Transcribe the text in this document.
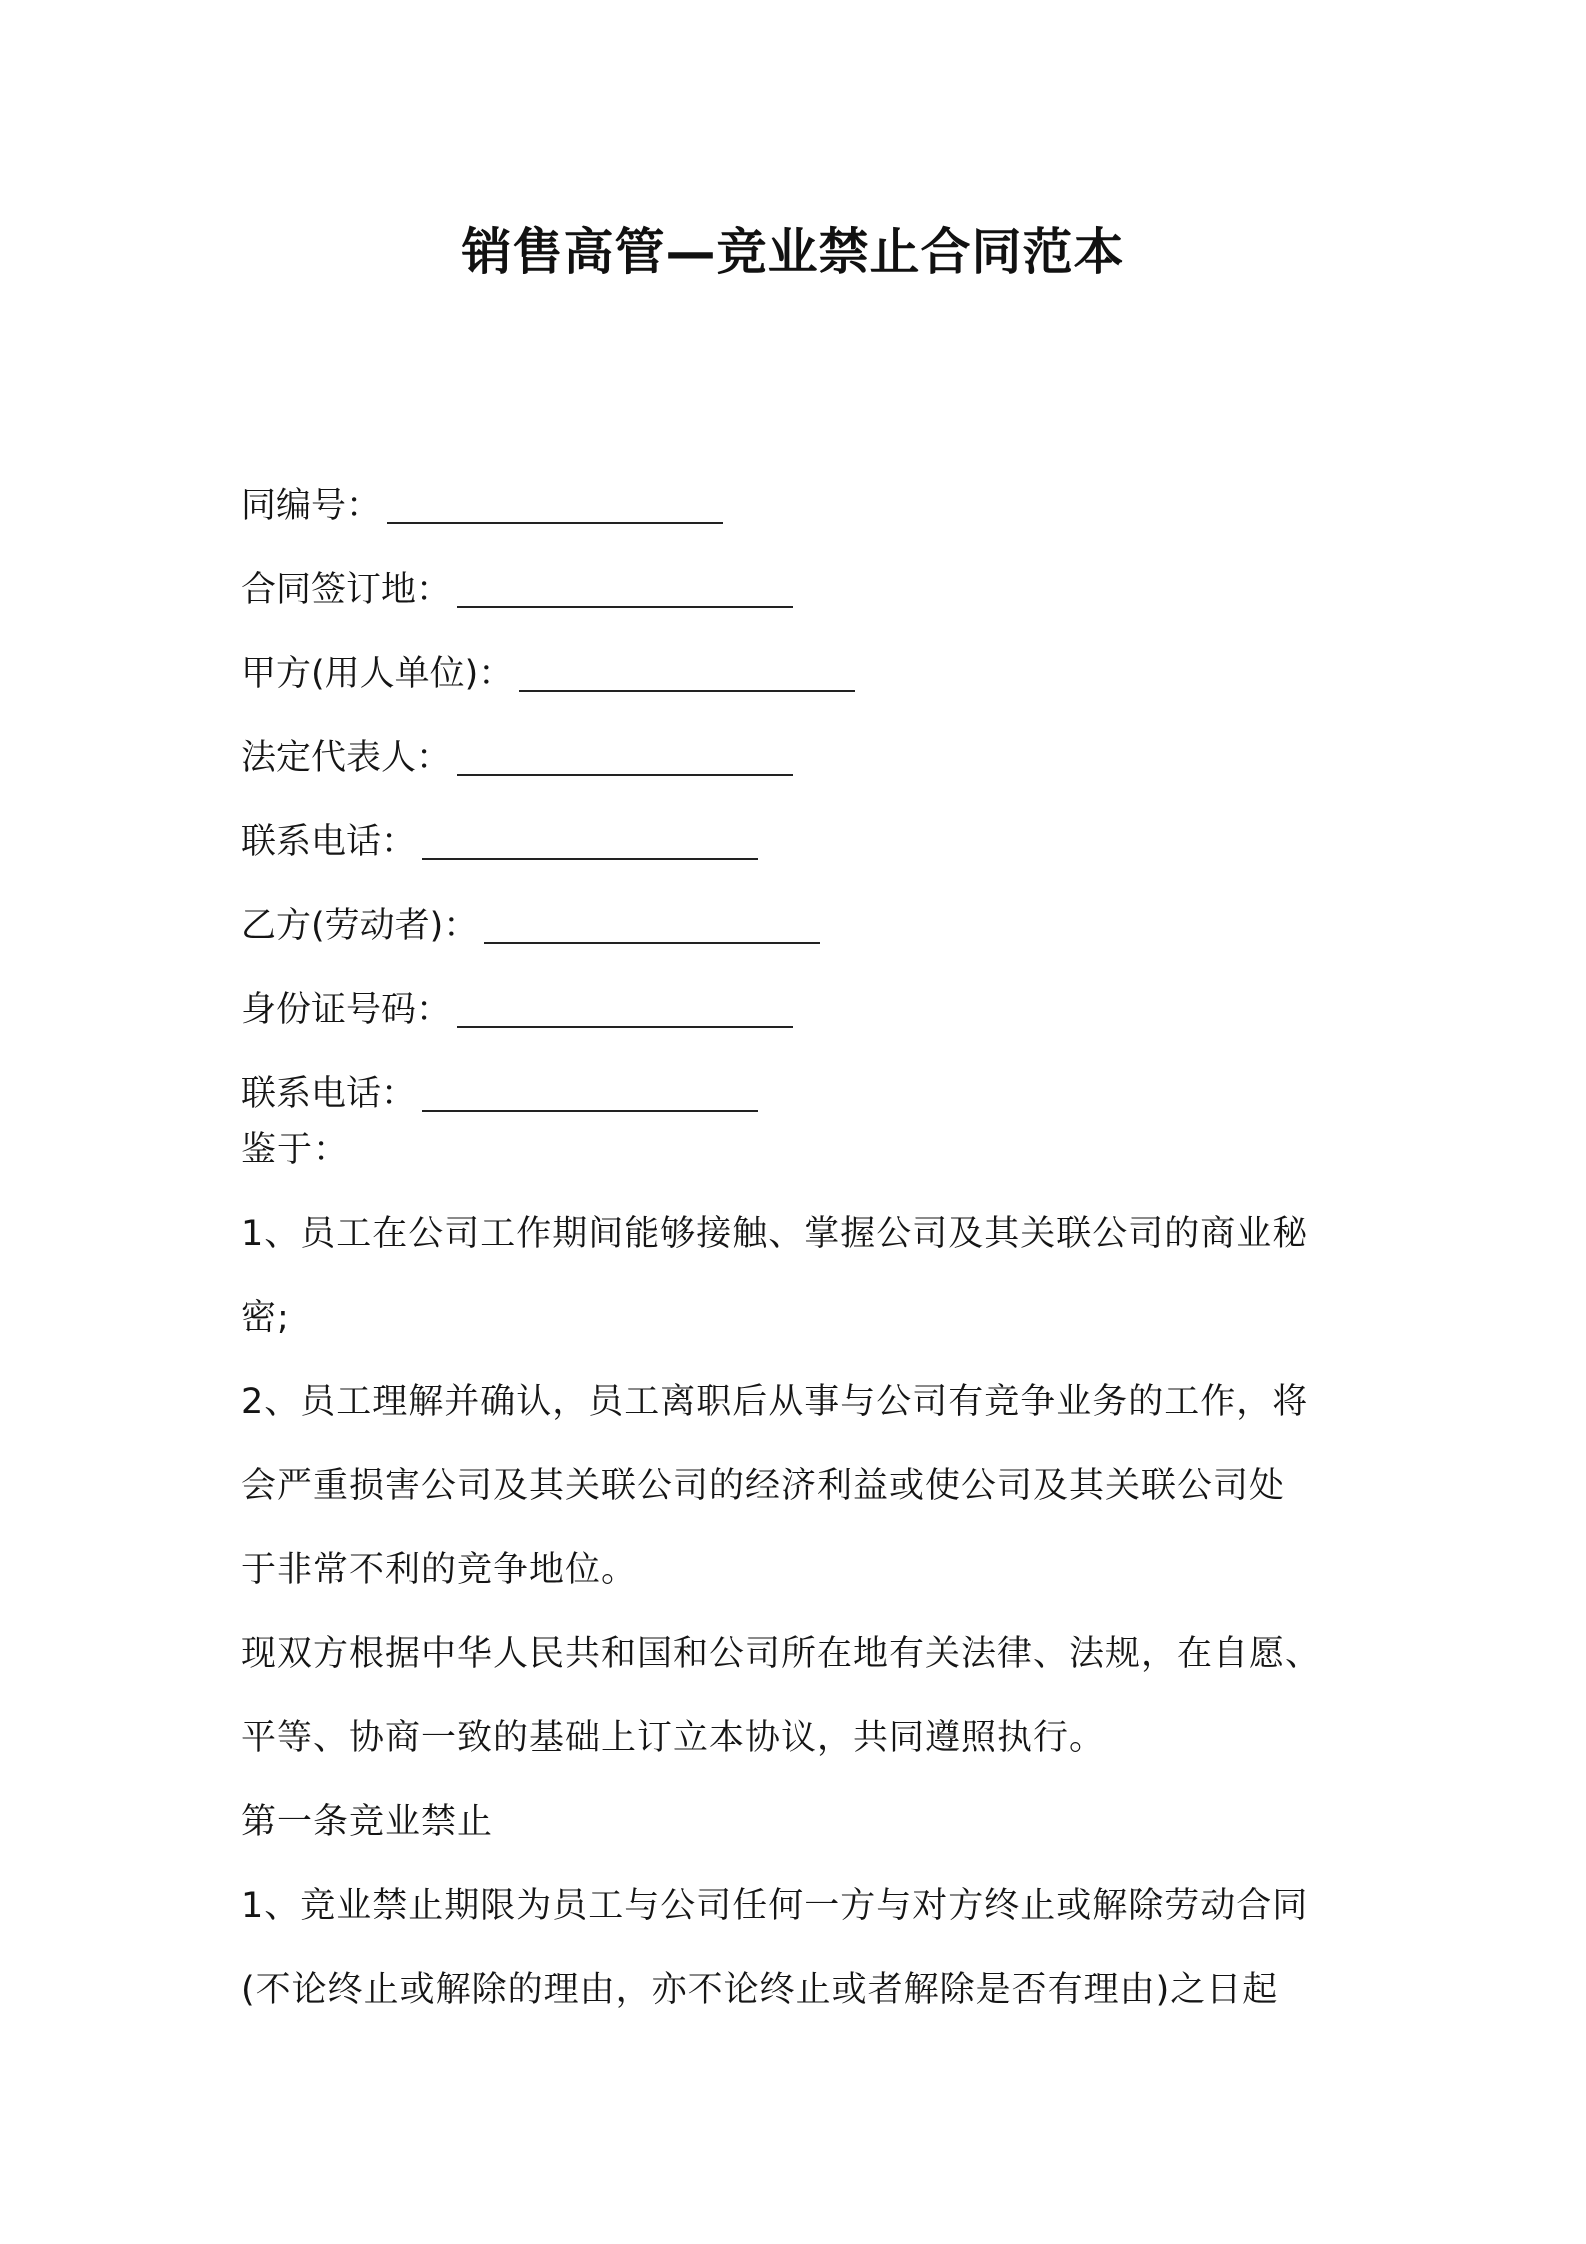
销售高管—竞业禁止合同范本
同编号：
合同签订地：
甲方(用人单位)：
法定代表人：
联系电话：
乙方(劳动者)：
身份证号码：
联系电话：
鉴于：
1、员工在公司工作期间能够接触、掌握公司及其关联公司的商业秘
密;
2、员工理解并确认，员工离职后从事与公司有竞争业务的工作，将
会严重损害公司及其关联公司的经济利益或使公司及其关联公司处
于非常不利的竞争地位。
现双方根据中华人民共和国和公司所在地有关法律、法规，在自愿、
平等、协商一致的基础上订立本协议，共同遵照执行。
第一条竞业禁止
1、竞业禁止期限为员工与公司任何一方与对方终止或解除劳动合同
(不论终止或解除的理由，亦不论终止或者解除是否有理由)之日起
